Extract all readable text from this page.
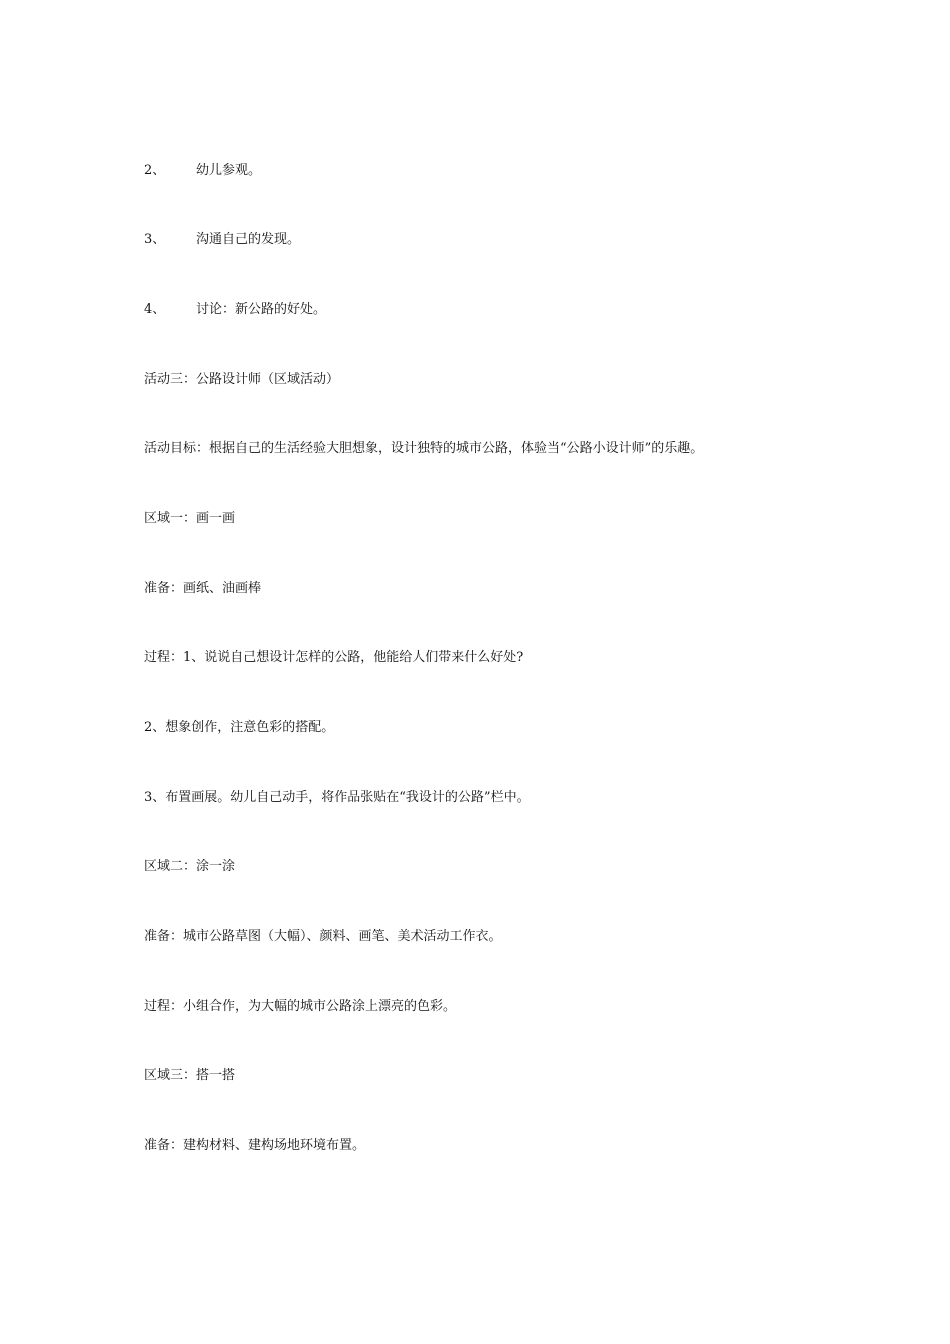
2、 幼儿参观。
3、 沟通自己的发现。
4、 讨论：新公路的好处。
活动三：公路设计师（区域活动）
活动目标：根据自己的生活经验大胆想象，设计独特的城市公路，体验当“公路小设计师”的乐趣。
区域一：画一画
准备：画纸、油画棒
过程：1、说说自己想设计怎样的公路，他能给人们带来什么好处?
2、想象创作，注意色彩的搭配。
3、布置画展。幼儿自己动手，将作品张贴在“我设计的公路”栏中。
区域二：涂一涂
准备：城市公路草图（大幅）、颜料、画笔、美术活动工作衣。
过程：小组合作，为大幅的城市公路涂上漂亮的色彩。
区域三：搭一搭
准备：建构材料、建构场地环境布置。
